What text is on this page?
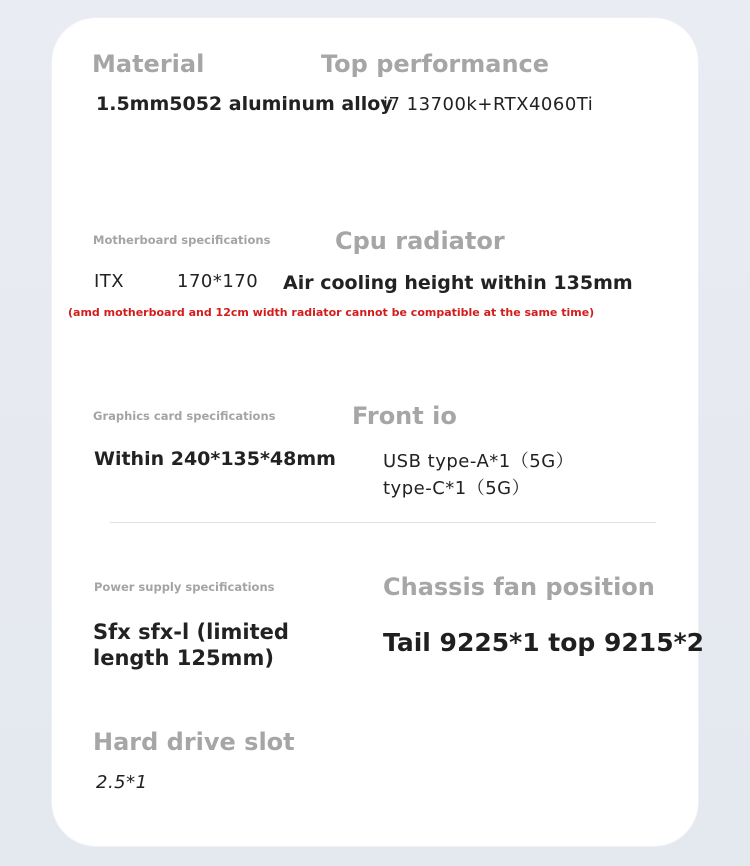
Material
1.5mm5052 aluminum alloy
Top performance
i7 13700k+RTX4060Ti
Motherboard specifications
ITX	170*170
Cpu radiator
Air cooling height within 135mm
(amd motherboard and 12cm width radiator cannot be compatible at the same time)
Graphics card specifications
Within 240*135*48mm
Front io
USB type-A*1（5G）
type-C*1（5G）
Power supply specifications
Sfx sfx-l (limited
length 125mm)
Chassis fan position
Tail 9225*1 top 9215*2
Hard drive slot
2.5*1
